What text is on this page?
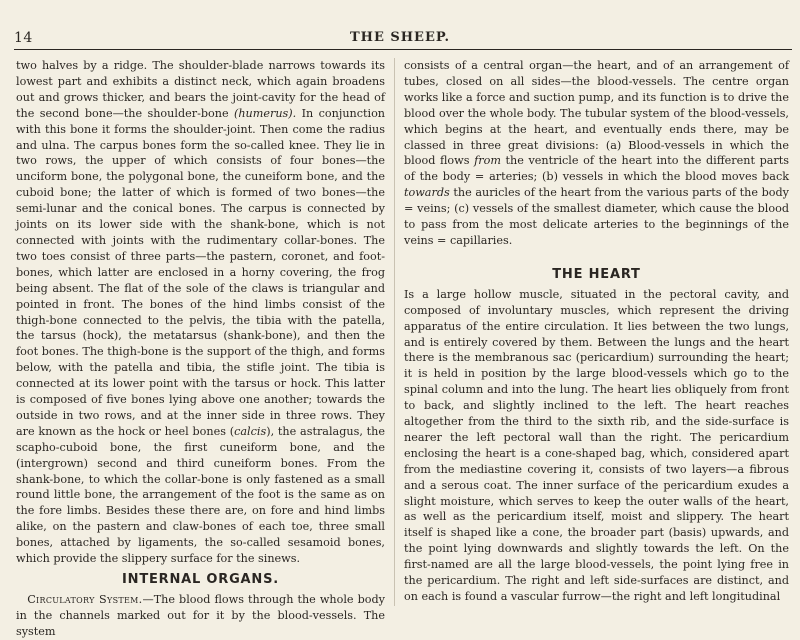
14	THE SHEEP.

two halves by a ridge. The shoulder-blade narrows towards its lowest part and exhibits a distinct neck, which again broadens out and grows thicker, and bears the joint-cavity for the head of the second bone—the shoulder-bone (humerus). In conjunction with this bone it forms the shoulder-joint. Then come the radius and ulna. The carpus bones form the so-called knee. They lie in two rows, the upper of which consists of four bones—the unciform bone, the polygonal bone, the cuneiform bone, and the cuboid bone; the latter of which is formed of two bones—the semi-lunar and the conical bones. The carpus is connected by joints on its lower side with the shank-bone, which is not connected with joints with the rudimentary collar-bones. The two toes consist of three parts—the pastern, coronet, and foot-bones, which latter are enclosed in a horny covering, the frog being absent. The flat of the sole of the claws is triangular and pointed in front. The bones of the hind limbs consist of the thigh-bone connected to the pelvis, the tibia with the patella, the tarsus (hock), the metatarsus (shank-bone), and then the foot bones. The thigh-bone is the support of the thigh, and forms below, with the patella and tibia, the stifle joint. The tibia is connected at its lower point with the tarsus or hock. This latter is composed of five bones lying above one another; towards the outside in two rows, and at the inner side in three rows. They are known as the hock or heel bones (calcis), the astralagus, the scapho-cuboid bone, the first cuneiform bone, and the (intergrown) second and third cuneiform bones. From the shank-bone, to which the collar-bone is only fastened as a small round little bone, the arrangement of the foot is the same as on the fore limbs. Besides these there are, on fore and hind limbs alike, on the pastern and claw-bones of each toe, three small bones, attached by ligaments, the so-called sesamoid bones, which provide the slippery surface for the sinews.

INTERNAL ORGANS.

 Circulatory System.—The blood flows through the whole body in the channels marked out for it by the blood-vessels. The system

consists of a central organ—the heart, and of an arrangement of tubes, closed on all sides—the blood-vessels. The centre organ works like a force and suction pump, and its function is to drive the blood over the whole body. The tubular system of the blood-vessels, which begins at the heart, and eventually ends there, may be classed in three great divisions: (a) Blood-vessels in which the blood flows from the ventricle of the heart into the different parts of the body = arteries; (b) vessels in which the blood moves back towards the auricles of the heart from the various parts of the body = veins; (c) vessels of the smallest diameter, which cause the blood to pass from the most delicate arteries to the beginnings of the veins = capillaries.

THE HEART

Is a large hollow muscle, situated in the pectoral cavity, and composed of involuntary muscles, which represent the driving apparatus of the entire circulation. It lies between the two lungs, and is entirely covered by them. Between the lungs and the heart there is the membranous sac (pericardium) surrounding the heart; it is held in position by the large blood-vessels which go to the spinal column and into the lung. The heart lies obliquely from front to back, and slightly inclined to the left. The heart reaches altogether from the third to the sixth rib, and the side-surface is nearer the left pectoral wall than the right. The pericardium enclosing the heart is a cone-shaped bag, which, considered apart from the mediastine covering it, consists of two layers—a fibrous and a serous coat. The inner surface of the pericardium exudes a slight moisture, which serves to keep the outer walls of the heart, as well as the pericardium itself, moist and slippery. The heart itself is shaped like a cone, the broader part (basis) upwards, and the point lying downwards and slightly towards the left. On the first-named are all the large blood-vessels, the point lying free in the pericardium. The right and left side-surfaces are distinct, and on each is found a vascular furrow—the right and left longitudinal
